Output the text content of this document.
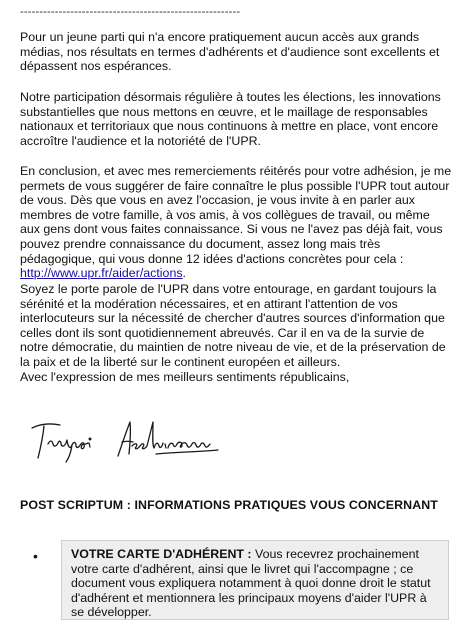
---------------------------------------------------------

Pour un jeune parti qui n'a encore pratiquement aucun accès aux grands médias, nos résultats en termes d'adhérents et d'audience sont excellents et dépassent nos espérances.

Notre participation désormais régulière à toutes les élections, les innovations substantielles que nous mettons en œuvre, et le maillage de responsables nationaux et territoriaux que nous continuons à mettre en place, vont encore accroître l'audience et la notoriété de l'UPR.

En conclusion, et avec mes remerciements réitérés pour votre adhésion, je me permets de vous suggérer de faire connaître le plus possible l'UPR tout autour de vous. Dès que vous en avez l'occasion, je vous invite à en parler aux membres de votre famille, à vos amis, à vos collègues de travail, ou même aux gens dont vous faites connaissance. Si vous ne l'avez pas déjà fait, vous pouvez prendre connaissance du document, assez long mais très pédagogique, qui vous donne 12 idées d'actions concrètes pour cela : http://www.upr.fr/aider/actions.

Soyez le porte parole de l'UPR dans votre entourage, en gardant toujours la sérénité et la modération nécessaires, et en attirant l'attention de vos interlocuteurs sur la nécessité de chercher d'autres sources d'information que celles dont ils sont quotidiennement abreuvés. Car il en va de la survie de notre démocratie, du maintien de notre niveau de vie, et de la préservation de la paix et de la liberté sur le continent européen et ailleurs.

Avec l'expression de mes meilleurs sentiments républicains,

POST SCRIPTUM : INFORMATIONS PRATIQUES VOUS CONCERNANT
•	VOTRE CARTE D'ADHÉRENT : Vous recevrez prochainement votre carte d'adhérent, ainsi que le livret qui l'accompagne ; ce document vous expliquera notamment à quoi donne droit le statut d'adhérent et mentionnera les principaux moyens d'aider l'UPR à se développer.
